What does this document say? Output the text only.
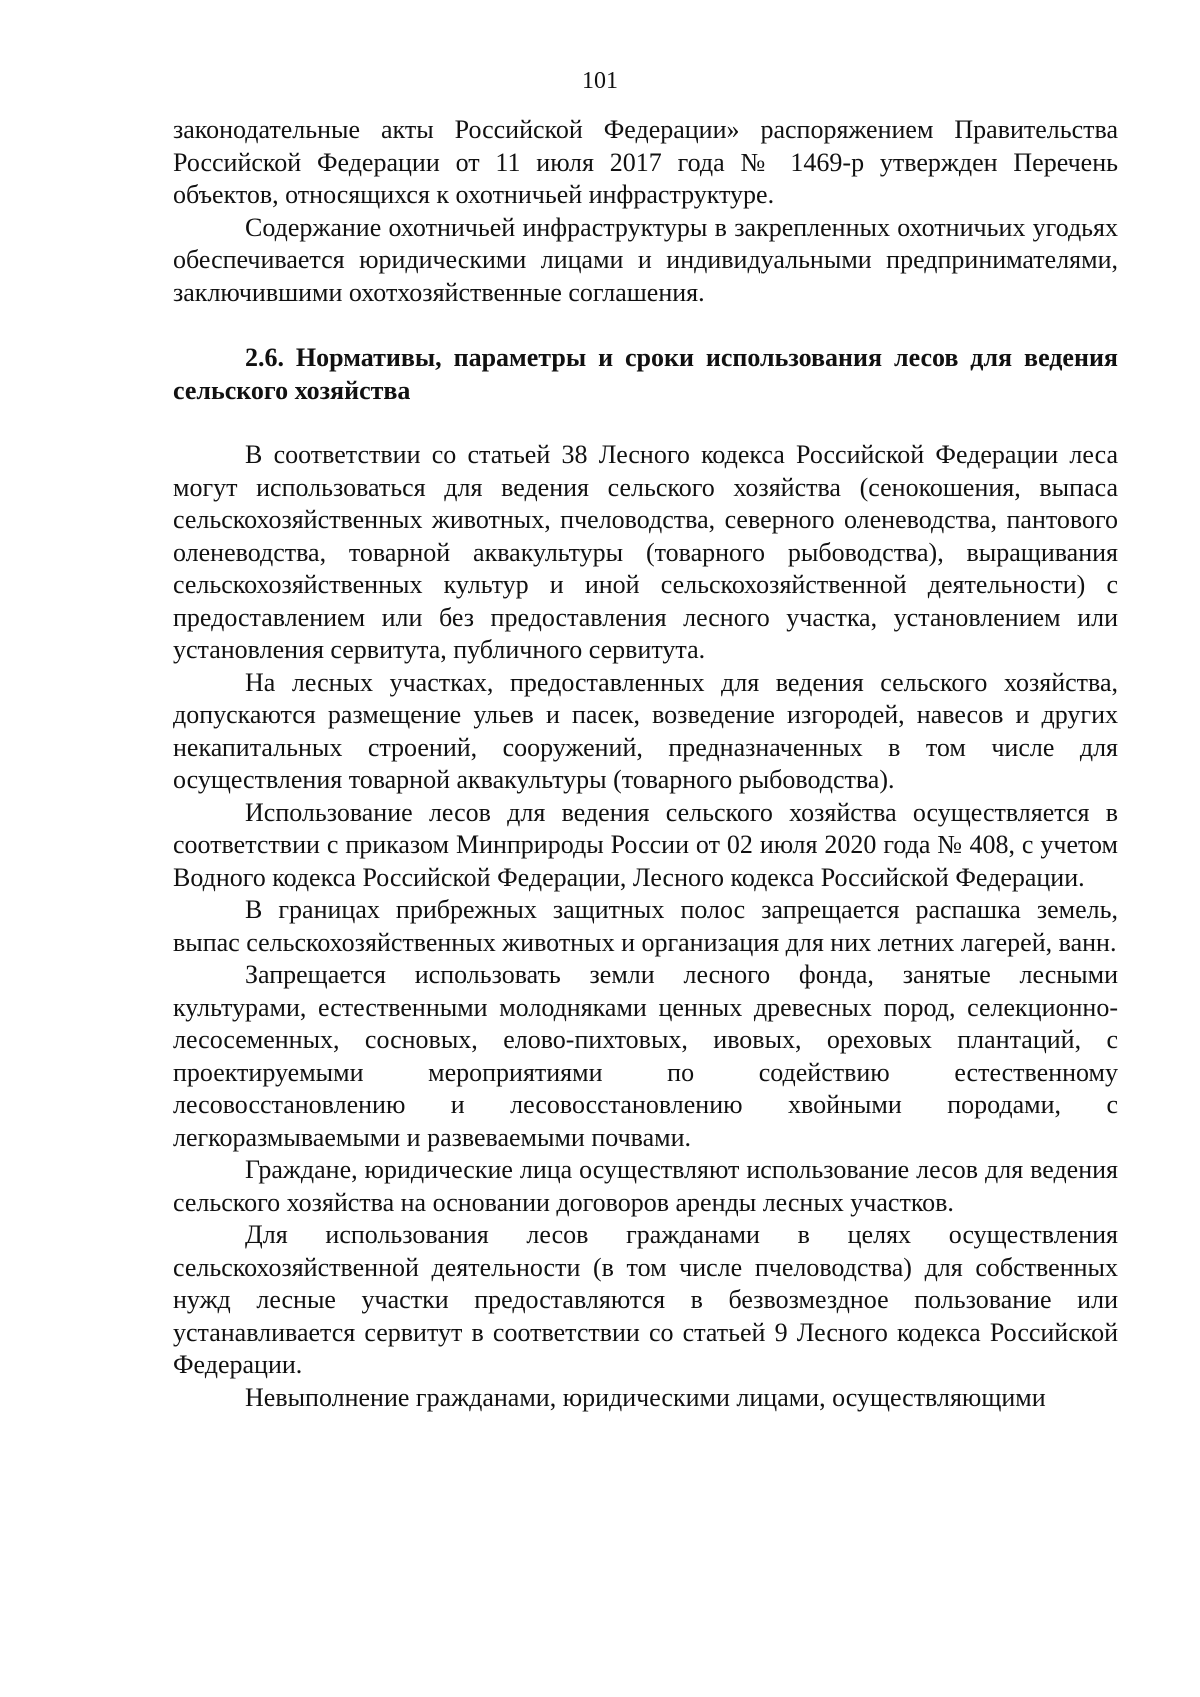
101

законодательные акты Российской Федерации» распоряжением Правительства Российской Федерации от 11 июля 2017 года № 1469-р утвержден Перечень объектов, относящихся к охотничьей инфраструктуре.

Содержание охотничьей инфраструктуры в закрепленных охотничьих угодьях обеспечивается юридическими лицами и индивидуальными предпринимателями, заключившими охотхозяйственные соглашения.

2.6. Нормативы, параметры и сроки использования лесов для ведения сельского хозяйства

В соответствии со статьей 38 Лесного кодекса Российской Федерации леса могут использоваться для ведения сельского хозяйства (сенокошения, выпаса сельскохозяйственных животных, пчеловодства, северного оленеводства, пантового оленеводства, товарной аквакультуры (товарного рыбоводства), выращивания сельскохозяйственных культур и иной сельскохозяйственной деятельности) с предоставлением или без предоставления лесного участка, установлением или установления сервитута, публичного сервитута.

На лесных участках, предоставленных для ведения сельского хозяйства, допускаются размещение ульев и пасек, возведение изгородей, навесов и других некапитальных строений, сооружений, предназначенных в том числе для осуществления товарной аквакультуры (товарного рыбоводства).

Использование лесов для ведения сельского хозяйства осуществляется в соответствии с приказом Минприроды России от 02 июля 2020 года № 408, с учетом Водного кодекса Российской Федерации, Лесного кодекса Российской Федерации.

В границах прибрежных защитных полос запрещается распашка земель, выпас сельскохозяйственных животных и организация для них летних лагерей, ванн.

Запрещается использовать земли лесного фонда, занятые лесными культурами, естественными молодняками ценных древесных пород, селекционно-лесосеменных, сосновых, елово-пихтовых, ивовых, ореховых плантаций, с проектируемыми мероприятиями по содействию естественному лесовосстановлению и лесовосстановлению хвойными породами, с легкоразмываемыми и развеваемыми почвами.

Граждане, юридические лица осуществляют использование лесов для ведения сельского хозяйства на основании договоров аренды лесных участков.

Для использования лесов гражданами в целях осуществления сельскохозяйственной деятельности (в том числе пчеловодства) для собственных нужд лесные участки предоставляются в безвозмездное пользование или устанавливается сервитут в соответствии со статьей 9 Лесного кодекса Российской Федерации.

Невыполнение гражданами, юридическими лицами, осуществляющими
